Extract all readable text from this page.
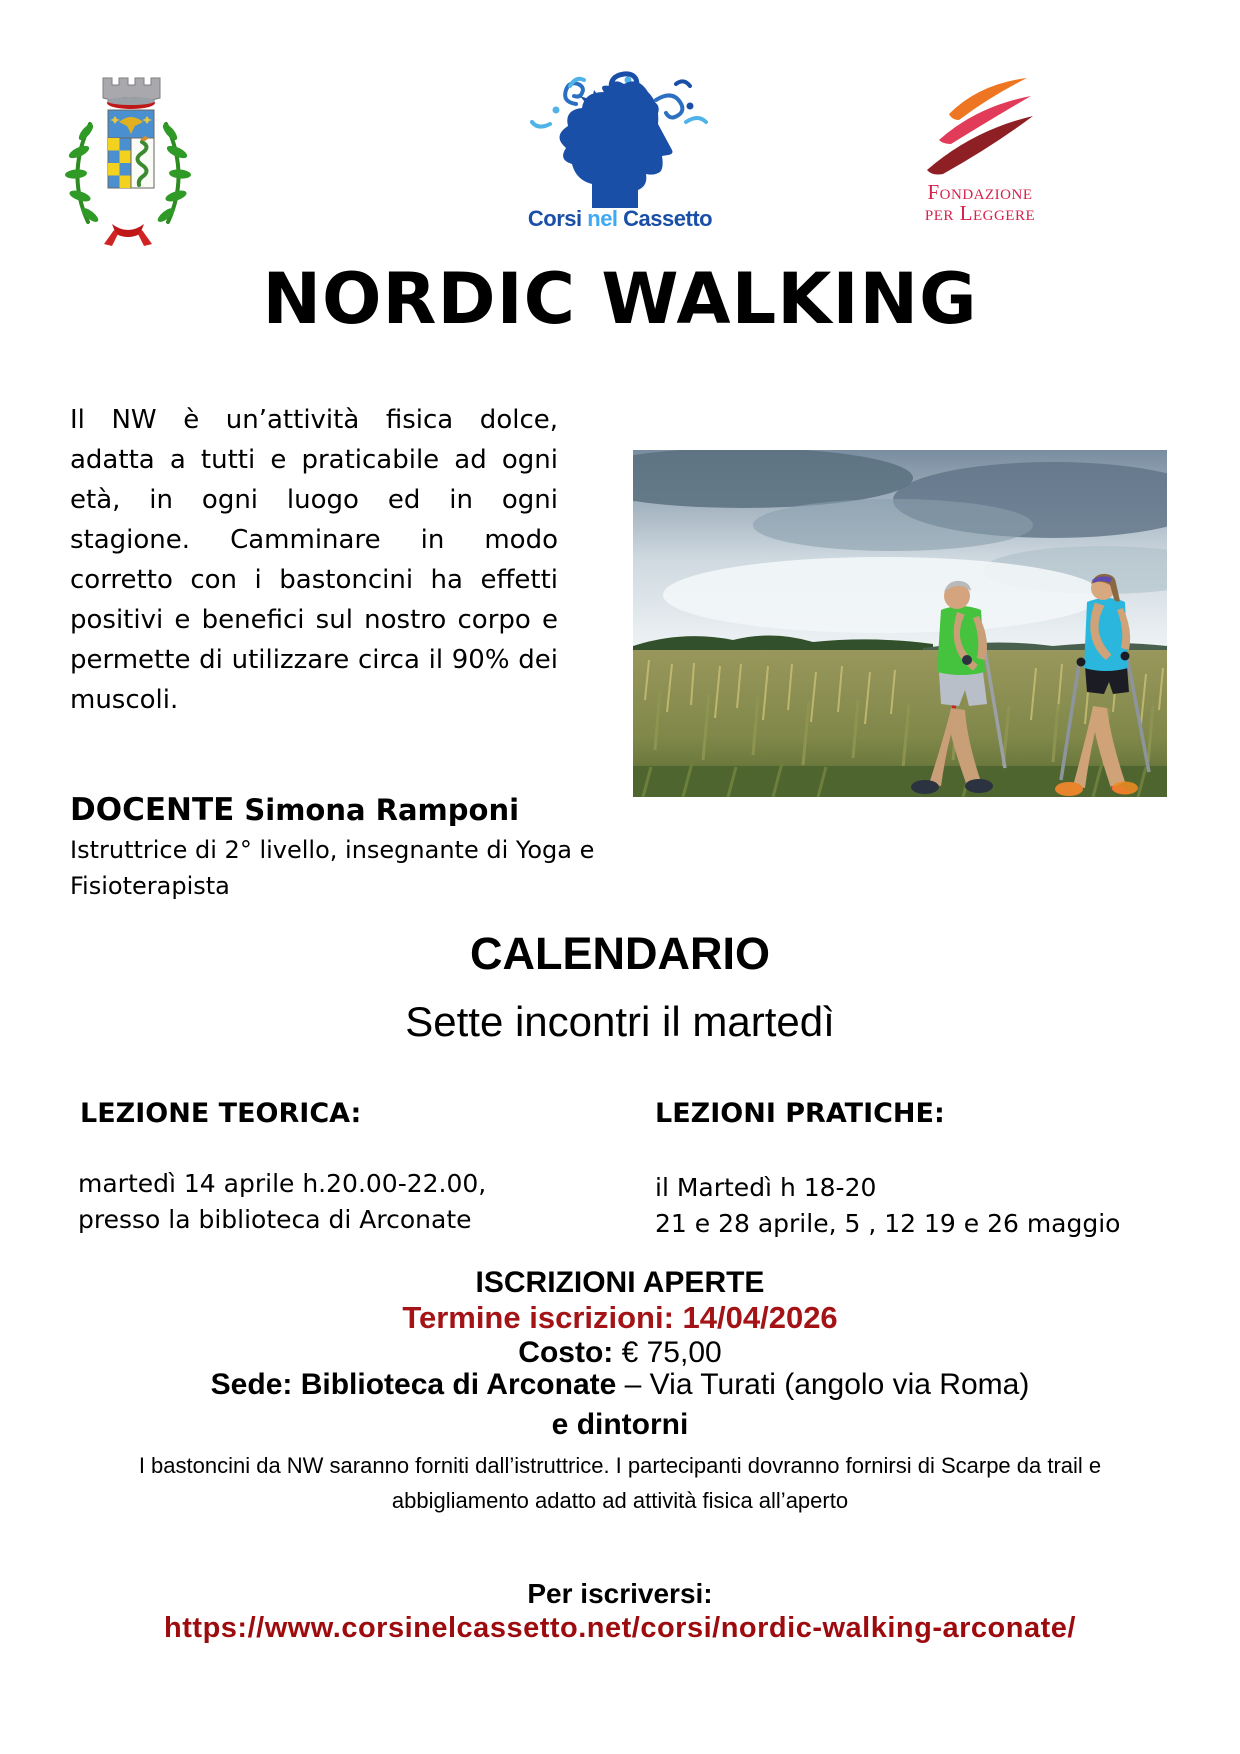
Corsi nel Cassetto
Fondazione
per Leggere
NORDIC WALKING
Il NW è un’attività fisica dolce, adatta a tutti e praticabile ad ogni età, in ogni luogo ed in ogni stagione. Camminare in modo corretto con i bastoncini ha effetti positivi e benefici sul nostro corpo e permette di utilizzare circa il 90% dei muscoli.
DOCENTE Simona Ramponi
Istruttrice di 2° livello, insegnante di Yoga e Fisioterapista
CALENDARIO
Sette incontri il martedì
LEZIONE TEORICA:
martedì 14 aprile h.20.00-22.00, presso la biblioteca di Arconate
LEZIONI PRATICHE:
il Martedì h 18-20
21 e 28 aprile, 5 , 12 19 e 26 maggio
ISCRIZIONI APERTE
Termine iscrizioni: 14/04/2026
Costo: € 75,00
Sede: Biblioteca di Arconate – Via Turati (angolo via Roma)
e dintorni
I bastoncini da NW saranno forniti dall’istruttrice. I partecipanti dovranno fornirsi di Scarpe da trail e abbigliamento adatto ad attività fisica all’aperto
Per iscriversi:
https://www.corsinelcassetto.net/corsi/nordic-walking-arconate/
